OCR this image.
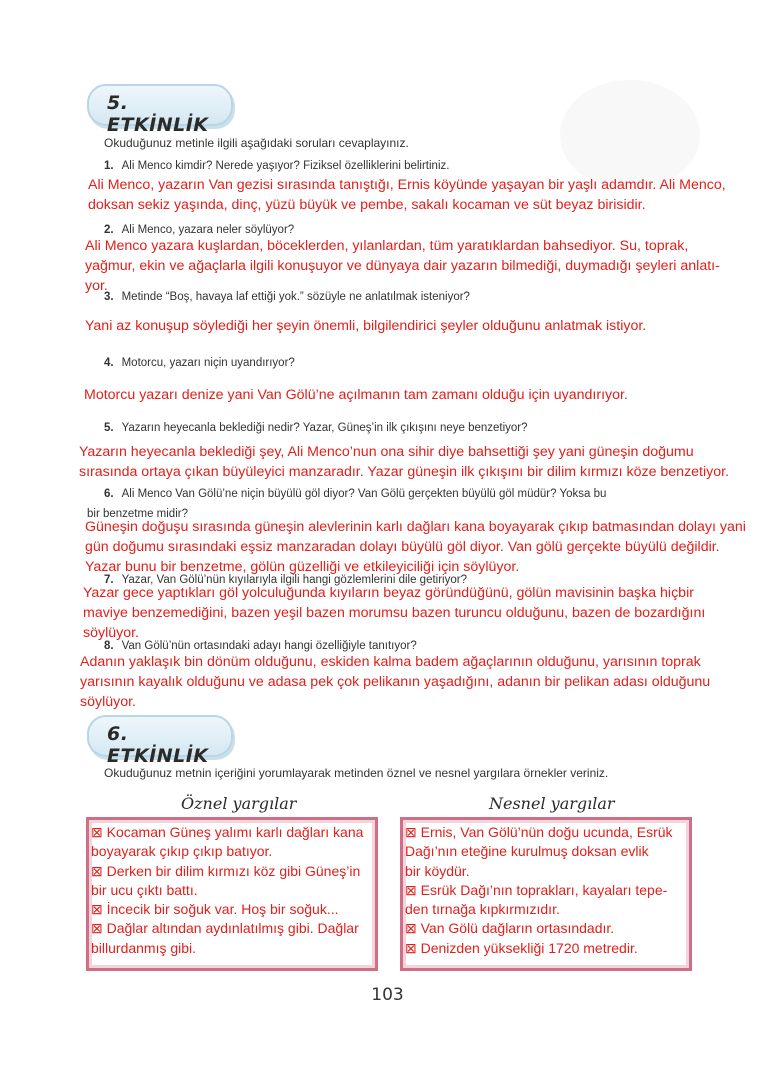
5. ETKİNLİK
Okuduğunuz metinle ilgili aşağıdaki soruları cevaplayınız.
1. Ali Menco kimdir? Nerede yaşıyor? Fiziksel özelliklerini belirtiniz.
Ali Menco, yazarın Van gezisi sırasında tanıştığı, Ernis köyünde yaşayan bir yaşlı adamdır. Ali Menco,
doksan sekiz yaşında, dinç, yüzü büyük ve pembe, sakalı kocaman ve süt beyaz birisidir.
2. Ali Menco, yazara neler söylüyor?
Ali Menco yazara kuşlardan, böceklerden, yılanlardan, tüm yaratıklardan bahsediyor. Su, toprak,
yağmur, ekin ve ağaçlarla ilgili konuşuyor ve dünyaya dair yazarın bilmediği, duymadığı şeyleri anlatı-
yor.
3. Metinde “Boş, havaya laf ettiği yok.” sözüyle ne anlatılmak isteniyor?
Yani az konuşup söylediği her şeyin önemli, bilgilendirici şeyler olduğunu anlatmak istiyor.
4. Motorcu, yazarı niçin uyandırıyor?
Motorcu yazarı denize yani Van Gölü’ne açılmanın tam zamanı olduğu için uyandırıyor.
5. Yazarın heyecanla beklediği nedir? Yazar, Güneş’in ilk çıkışını neye benzetiyor?
Yazarın heyecanla beklediği şey, Ali Menco’nun ona sihir diye bahsettiği şey yani güneşin doğumu
sırasında ortaya çıkan büyüleyici manzaradır. Yazar güneşin ilk çıkışını bir dilim kırmızı köze benzetiyor.
6. Ali Menco Van Gölü’ne niçin büyülü göl diyor? Van Gölü gerçekten büyülü göl müdür? Yoksa bu
bir benzetme midir?
Güneşin doğuşu sırasında güneşin alevlerinin karlı dağları kana boyayarak çıkıp batmasından dolayı yani
gün doğumu sırasındaki eşsiz manzaradan dolayı büyülü göl diyor. Van gölü gerçekte büyülü değildir.
Yazar bunu bir benzetme, gölün güzelliği ve etkileyiciliği için söylüyor.
7. Yazar, Van Gölü’nün kıyılarıyla ilgili hangi gözlemlerini dile getiriyor?
Yazar gece yaptıkları göl yolculuğunda kıyıların beyaz göründüğünü, gölün mavisinin başka hiçbir
maviye benzemediğini, bazen yeşil bazen morumsu bazen turuncu olduğunu, bazen de bozardığını
söylüyor.
8. Van Gölü’nün ortasındaki adayı hangi özelliğiyle tanıtıyor?
Adanın yaklaşık bin dönüm olduğunu, eskiden kalma badem ağaçlarının olduğunu, yarısının toprak
yarısının kayalık olduğunu ve adasa pek çok pelikanın yaşadığını, adanın bir pelikan adası olduğunu
söylüyor.
6. ETKİNLİK
Okuduğunuz metnin içeriğini yorumlayarak metinden öznel ve nesnel yargılara örnekler veriniz.
Öznel yargılar	Nesnel yargılar
⊠ Kocaman Güneş yalımı karlı dağları kana
boyayarak çıkıp çıkıp batıyor.
⊠ Derken bir dilim kırmızı köz gibi Güneş’in
bir ucu çıktı battı.
⊠ İncecik bir soğuk var. Hoş bir soğuk...
⊠ Dağlar altından aydınlatılmış gibi. Dağlar
billurdanmış gibi.
⊠ Ernis, Van Gölü’nün doğu ucunda, Esrük
Dağı’nın eteğine kurulmuş doksan evlik
bir köydür.
⊠ Esrük Dağı’nın toprakları, kayaları tepe-
den tırnağa kıpkırmızıdır.
⊠ Van Gölü dağların ortasındadır.
⊠ Denizden yüksekliği 1720 metredir.
103
